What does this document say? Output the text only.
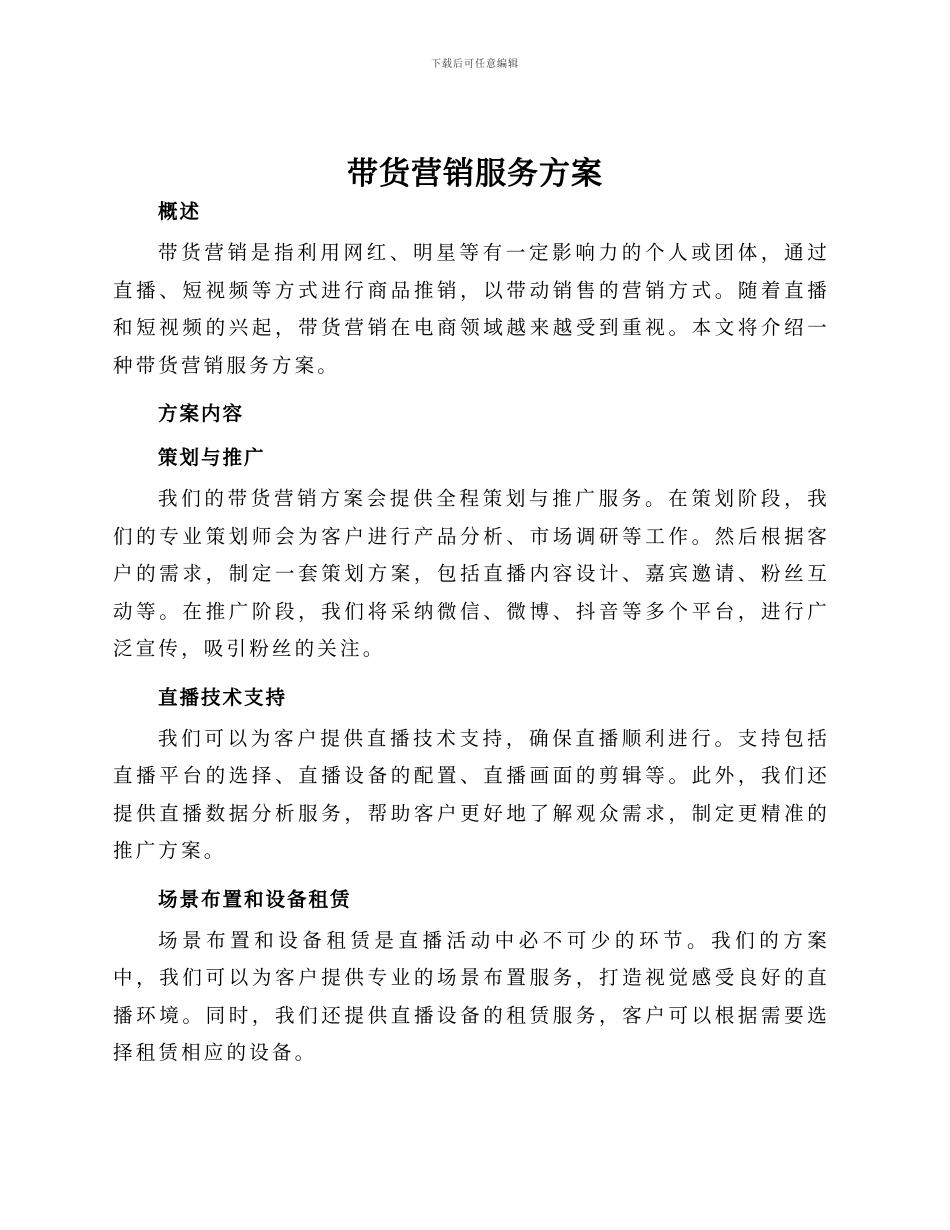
下载后可任意编辑
带货营销服务方案
概述

带货营销是指利用网红、明星等有一定影响力的个人或团体，通过直播、短视频等方式进行商品推销，以带动销售的营销方式。随着直播和短视频的兴起，带货营销在电商领域越来越受到重视。本文将介绍一种带货营销服务方案。

方案内容
策划与推广

我们的带货营销方案会提供全程策划与推广服务。在策划阶段，我们的专业策划师会为客户进行产品分析、市场调研等工作。然后根据客户的需求，制定一套策划方案，包括直播内容设计、嘉宾邀请、粉丝互动等。在推广阶段，我们将采纳微信、微博、抖音等多个平台，进行广泛宣传，吸引粉丝的关注。

直播技术支持

我们可以为客户提供直播技术支持，确保直播顺利进行。支持包括直播平台的选择、直播设备的配置、直播画面的剪辑等。此外，我们还提供直播数据分析服务，帮助客户更好地了解观众需求，制定更精准的推广方案。

场景布置和设备租赁

场景布置和设备租赁是直播活动中必不可少的环节。我们的方案中，我们可以为客户提供专业的场景布置服务，打造视觉感受良好的直播环境。同时，我们还提供直播设备的租赁服务，客户可以根据需要选择租赁相应的设备。
